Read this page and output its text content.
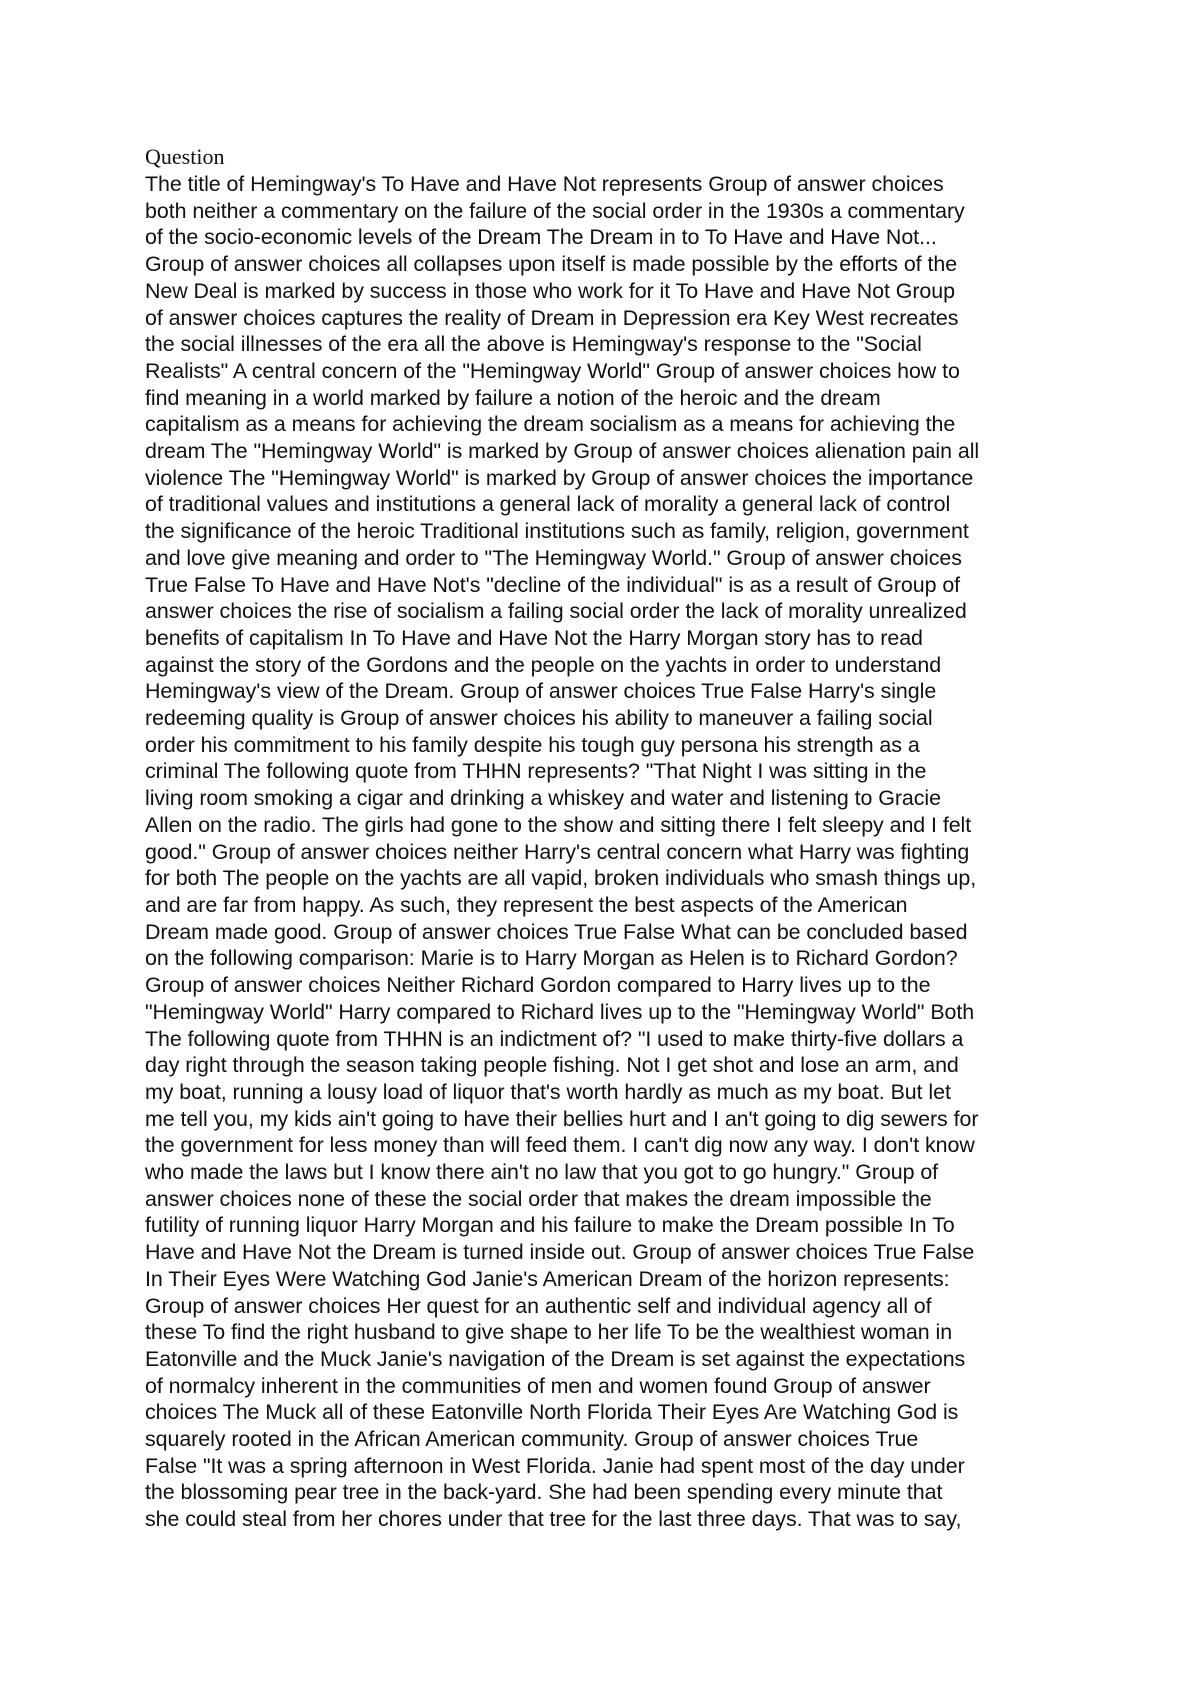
Question
The title of Hemingway's To Have and Have Not represents Group of answer choices
both neither a commentary on the failure of the social order in the 1930s a commentary
of the socio-economic levels of the Dream The Dream in to To Have and Have Not...
Group of answer choices all collapses upon itself is made possible by the efforts of the
New Deal is marked by success in those who work for it To Have and Have Not Group
of answer choices captures the reality of Dream in Depression era Key West recreates
the social illnesses of the era all the above is Hemingway's response to the "Social
Realists" A central concern of the "Hemingway World" Group of answer choices how to
find meaning in a world marked by failure a notion of the heroic and the dream
capitalism as a means for achieving the dream socialism as a means for achieving the
dream The "Hemingway World" is marked by Group of answer choices alienation pain all
violence The "Hemingway World" is marked by Group of answer choices the importance
of traditional values and institutions a general lack of morality a general lack of control
the significance of the heroic Traditional institutions such as family, religion, government
and love give meaning and order to "The Hemingway World." Group of answer choices
True False To Have and Have Not's "decline of the individual" is as a result of Group of
answer choices the rise of socialism a failing social order the lack of morality unrealized
benefits of capitalism In To Have and Have Not the Harry Morgan story has to read
against the story of the Gordons and the people on the yachts in order to understand
Hemingway's view of the Dream. Group of answer choices True False Harry's single
redeeming quality is Group of answer choices his ability to maneuver a failing social
order his commitment to his family despite his tough guy persona his strength as a
criminal The following quote from THHN represents? "That Night I was sitting in the
living room smoking a cigar and drinking a whiskey and water and listening to Gracie
Allen on the radio. The girls had gone to the show and sitting there I felt sleepy and I felt
good." Group of answer choices neither Harry's central concern what Harry was fighting
for both The people on the yachts are all vapid, broken individuals who smash things up,
and are far from happy. As such, they represent the best aspects of the American
Dream made good. Group of answer choices True False What can be concluded based
on the following comparison: Marie is to Harry Morgan as Helen is to Richard Gordon?
Group of answer choices Neither Richard Gordon compared to Harry lives up to the
"Hemingway World" Harry compared to Richard lives up to the "Hemingway World" Both
The following quote from THHN is an indictment of? "I used to make thirty-five dollars a
day right through the season taking people fishing. Not I get shot and lose an arm, and
my boat, running a lousy load of liquor that's worth hardly as much as my boat. But let
me tell you, my kids ain't going to have their bellies hurt and I an't going to dig sewers for
the government for less money than will feed them. I can't dig now any way. I don't know
who made the laws but I know there ain't no law that you got to go hungry." Group of
answer choices none of these the social order that makes the dream impossible the
futility of running liquor Harry Morgan and his failure to make the Dream possible In To
Have and Have Not the Dream is turned inside out. Group of answer choices True False
In Their Eyes Were Watching God Janie's American Dream of the horizon represents:
Group of answer choices Her quest for an authentic self and individual agency all of
these To find the right husband to give shape to her life To be the wealthiest woman in
Eatonville and the Muck Janie's navigation of the Dream is set against the expectations
of normalcy inherent in the communities of men and women found Group of answer
choices The Muck all of these Eatonville North Florida Their Eyes Are Watching God is
squarely rooted in the African American community. Group of answer choices True
False "It was a spring afternoon in West Florida. Janie had spent most of the day under
the blossoming pear tree in the back-yard. She had been spending every minute that
she could steal from her chores under that tree for the last three days. That was to say,
